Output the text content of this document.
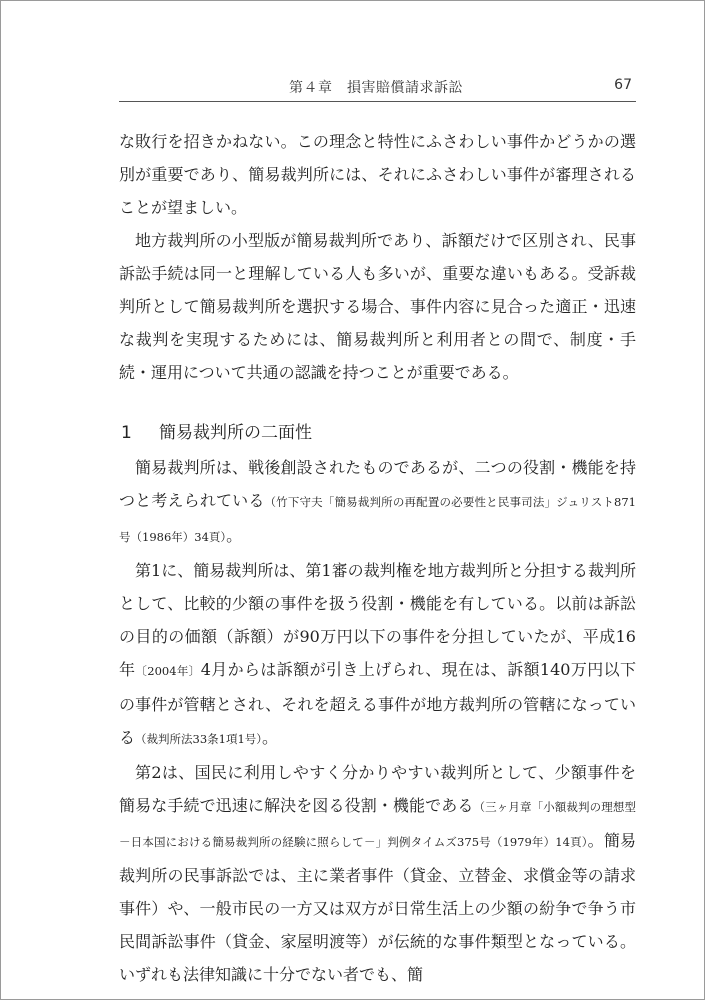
第４章　損害賠償請求訴訟	67

な敗行を招きかねない。この理念と特性にふさわしい事件かどうかの選別が重要であり、簡易裁判所には、それにふさわしい事件が審理されることが望ましい。

地方裁判所の小型版が簡易裁判所であり、訴額だけで区別され、民事訴訟手続は同一と理解している人も多いが、重要な違いもある。受訴裁判所として簡易裁判所を選択する場合、事件内容に見合った適正・迅速な裁判を実現するためには、簡易裁判所と利用者との間で、制度・手続・運用について共通の認識を持つことが重要である。

1 簡易裁判所の二面性

簡易裁判所は、戦後創設されたものであるが、二つの役割・機能を持つと考えられている（竹下守夫「簡易裁判所の再配置の必要性と民事司法」ジュリスト871号（1986年）34頁）。

第1に、簡易裁判所は、第1審の裁判権を地方裁判所と分担する裁判所として、比較的少額の事件を扱う役割・機能を有している。以前は訴訟の目的の価額（訴額）が90万円以下の事件を分担していたが、平成16年〔2004年〕4月からは訴額が引き上げられ、現在は、訴額140万円以下の事件が管轄とされ、それを超える事件が地方裁判所の管轄になっている（裁判所法33条1項1号）。

第2は、国民に利用しやすく分かりやすい裁判所として、少額事件を簡易な手続で迅速に解決を図る役割・機能である（三ヶ月章「小額裁判の理想型－日本国における簡易裁判所の経験に照らして－」判例タイムズ375号（1979年）14頁）。簡易裁判所の民事訴訟では、主に業者事件（貸金、立替金、求償金等の請求事件）や、一般市民の一方又は双方が日常生活上の少額の紛争で争う市民間訴訟事件（貸金、家屋明渡等）が伝統的な事件類型となっている。いずれも法律知識に十分でない者でも、簡
